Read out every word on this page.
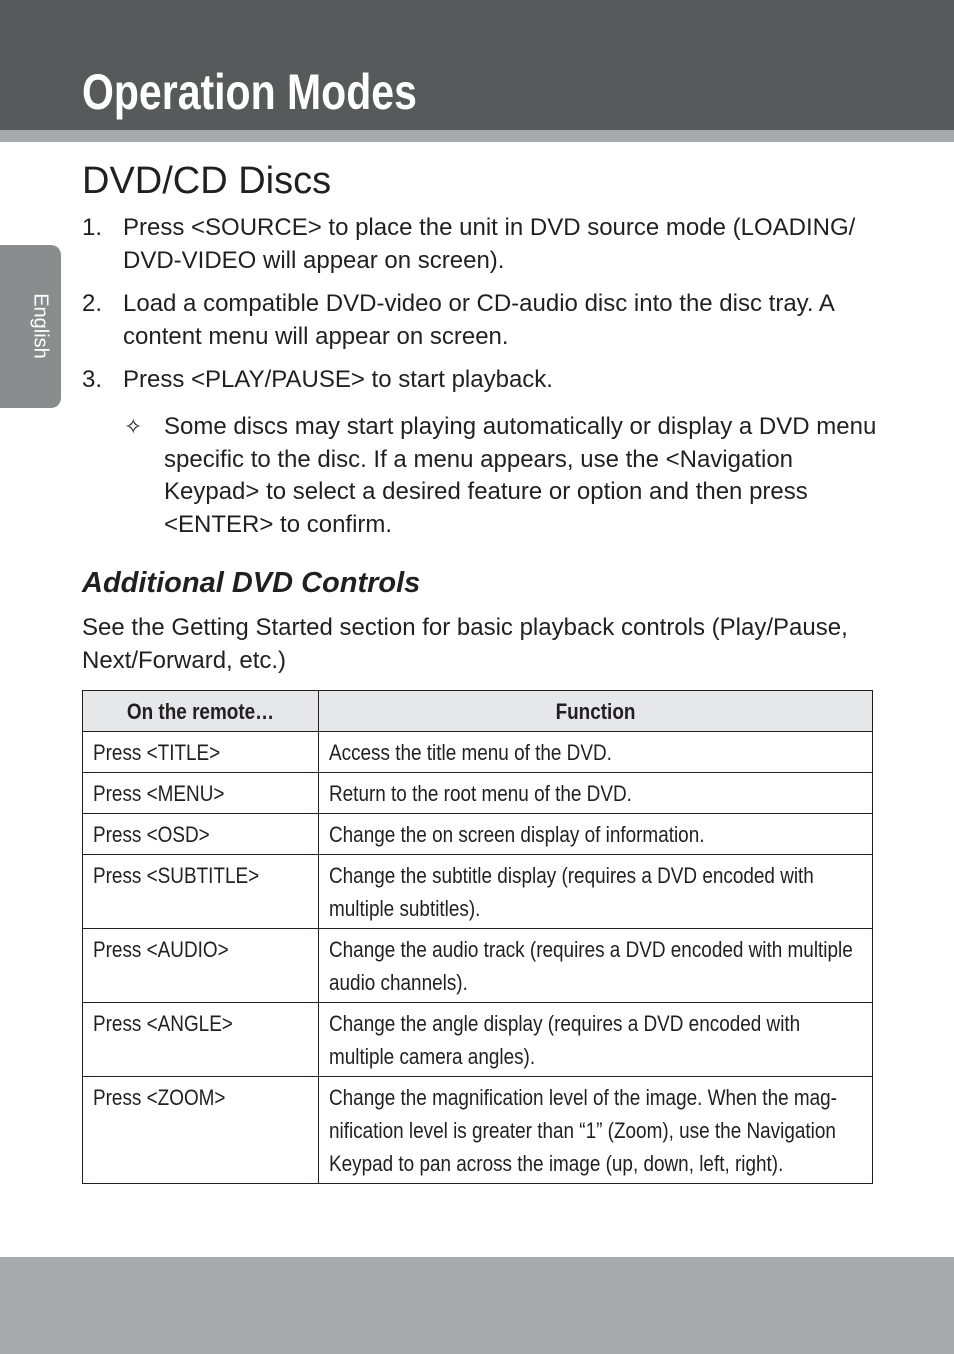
Operation Modes
English
DVD/CD Discs
1. Press <SOURCE> to place the unit in DVD source mode (LOADING/ DVD-VIDEO will appear on screen).
2. Load a compatible DVD-video or CD-audio disc into the disc tray. A content menu will appear on screen.
3. Press <PLAY/PAUSE> to start playback.
✧ Some discs may start playing automatically or display a DVD menu specific to the disc. If a menu appears, use the <Navigation Keypad> to select a desired feature or option and then press <ENTER> to confirm.
Additional DVD Controls

See the Getting Started section for basic playback controls (Play/Pause, Next/Forward, etc.)

On the remote…	Function

Press <TITLE>	Access the title menu of the DVD.

Press <MENU>	Return to the root menu of the DVD.

Press <OSD>	Change the on screen display of information.

Press <SUBTITLE>	Change the subtitle display (requires a DVD encoded with multiple subtitles).

Press <AUDIO>	Change the audio track (requires a DVD encoded with multiple audio channels).

Press <ANGLE>	Change the angle display (requires a DVD encoded with multiple camera angles).

Press <ZOOM>	Change the magnification level of the image. When the mag- nification level is greater than “1” (Zoom), use the Navigation Keypad to pan across the image (up, down, left, right).
